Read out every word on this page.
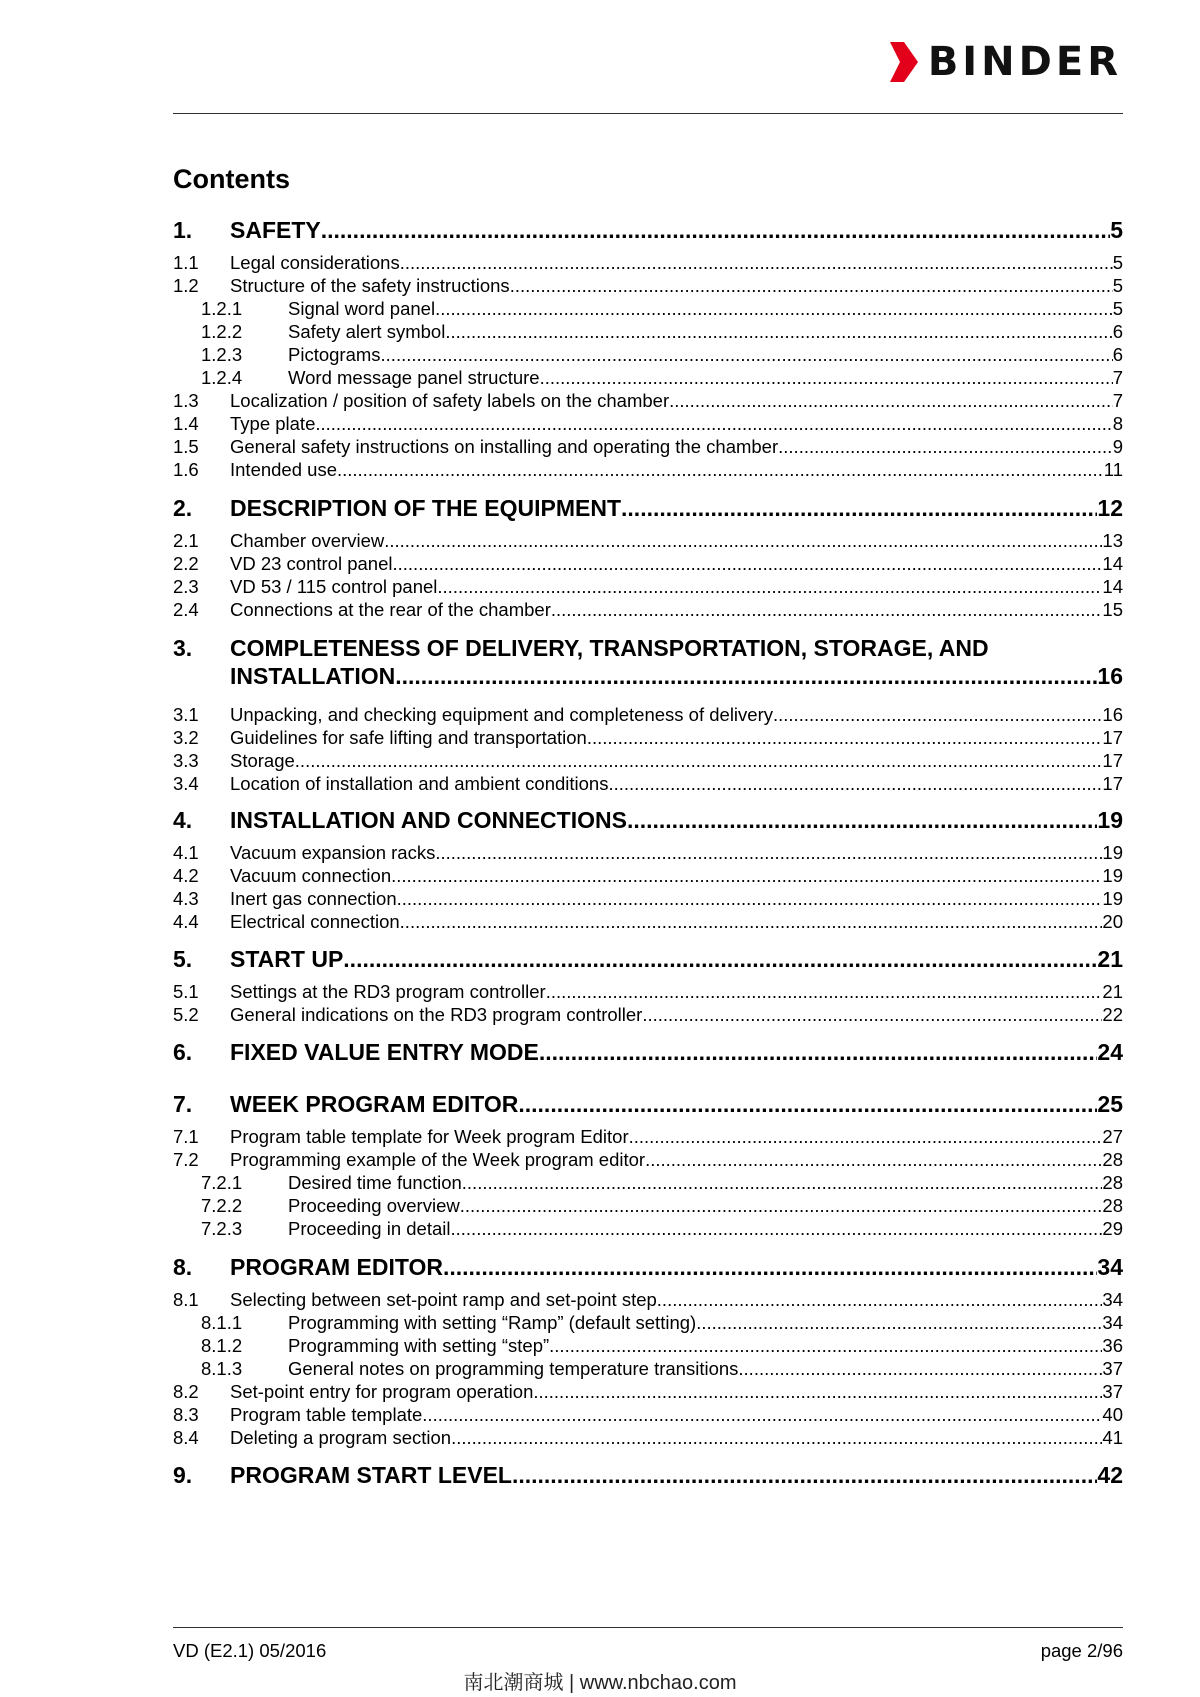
BINDER
Contents
1.	SAFETY .....	5
1.1	Legal considerations .....	5
1.2	Structure of the safety instructions .....	5
1.2.1	Signal word panel .....	5
1.2.2	Safety alert symbol .....	6
1.2.3	Pictograms .....	6
1.2.4	Word message panel structure .....	7
1.3	Localization / position of safety labels on the chamber .....	7
1.4	Type plate .....	8
1.5	General safety instructions on installing and operating the chamber .....	9
1.6	Intended use .....	11
2.	DESCRIPTION OF THE EQUIPMENT .....	12
2.1	Chamber overview .....	13
2.2	VD 23 control panel .....	14
2.3	VD 53 / 115 control panel .....	14
2.4	Connections at the rear of the chamber .....	15
3.	COMPLETENESS OF DELIVERY, TRANSPORTATION, STORAGE, AND
INSTALLATION .....	16
3.1	Unpacking, and checking equipment and completeness of delivery .....	16
3.2	Guidelines for safe lifting and transportation .....	17
3.3	Storage .....	17
3.4	Location of installation and ambient conditions .....	17
4.	INSTALLATION AND CONNECTIONS .....	19
4.1	Vacuum expansion racks .....	19
4.2	Vacuum connection .....	19
4.3	Inert gas connection .....	19
4.4	Electrical connection .....	20
5.	START UP .....	21
5.1	Settings at the RD3 program controller .....	21
5.2	General indications on the RD3 program controller .....	22
6.	FIXED VALUE ENTRY MODE .....	24
7.	WEEK PROGRAM EDITOR .....	25
7.1	Program table template for Week program Editor .....	27
7.2	Programming example of the Week program editor .....	28
7.2.1	Desired time function .....	28
7.2.2	Proceeding overview .....	28
7.2.3	Proceeding in detail .....	29
8.	PROGRAM EDITOR .....	34
8.1	Selecting between set-point ramp and set-point step .....	34
8.1.1	Programming with setting “Ramp” (default setting) .....	34
8.1.2	Programming with setting “step” .....	36
8.1.3	General notes on programming temperature transitions .....	37
8.2	Set-point entry for program operation .....	37
8.3	Program table template .....	40
8.4	Deleting a program section .....	41
9.	PROGRAM START LEVEL .....	42
VD (E2.1) 05/2016	page 2/96
南北潮商城 | www.nbchao.com
